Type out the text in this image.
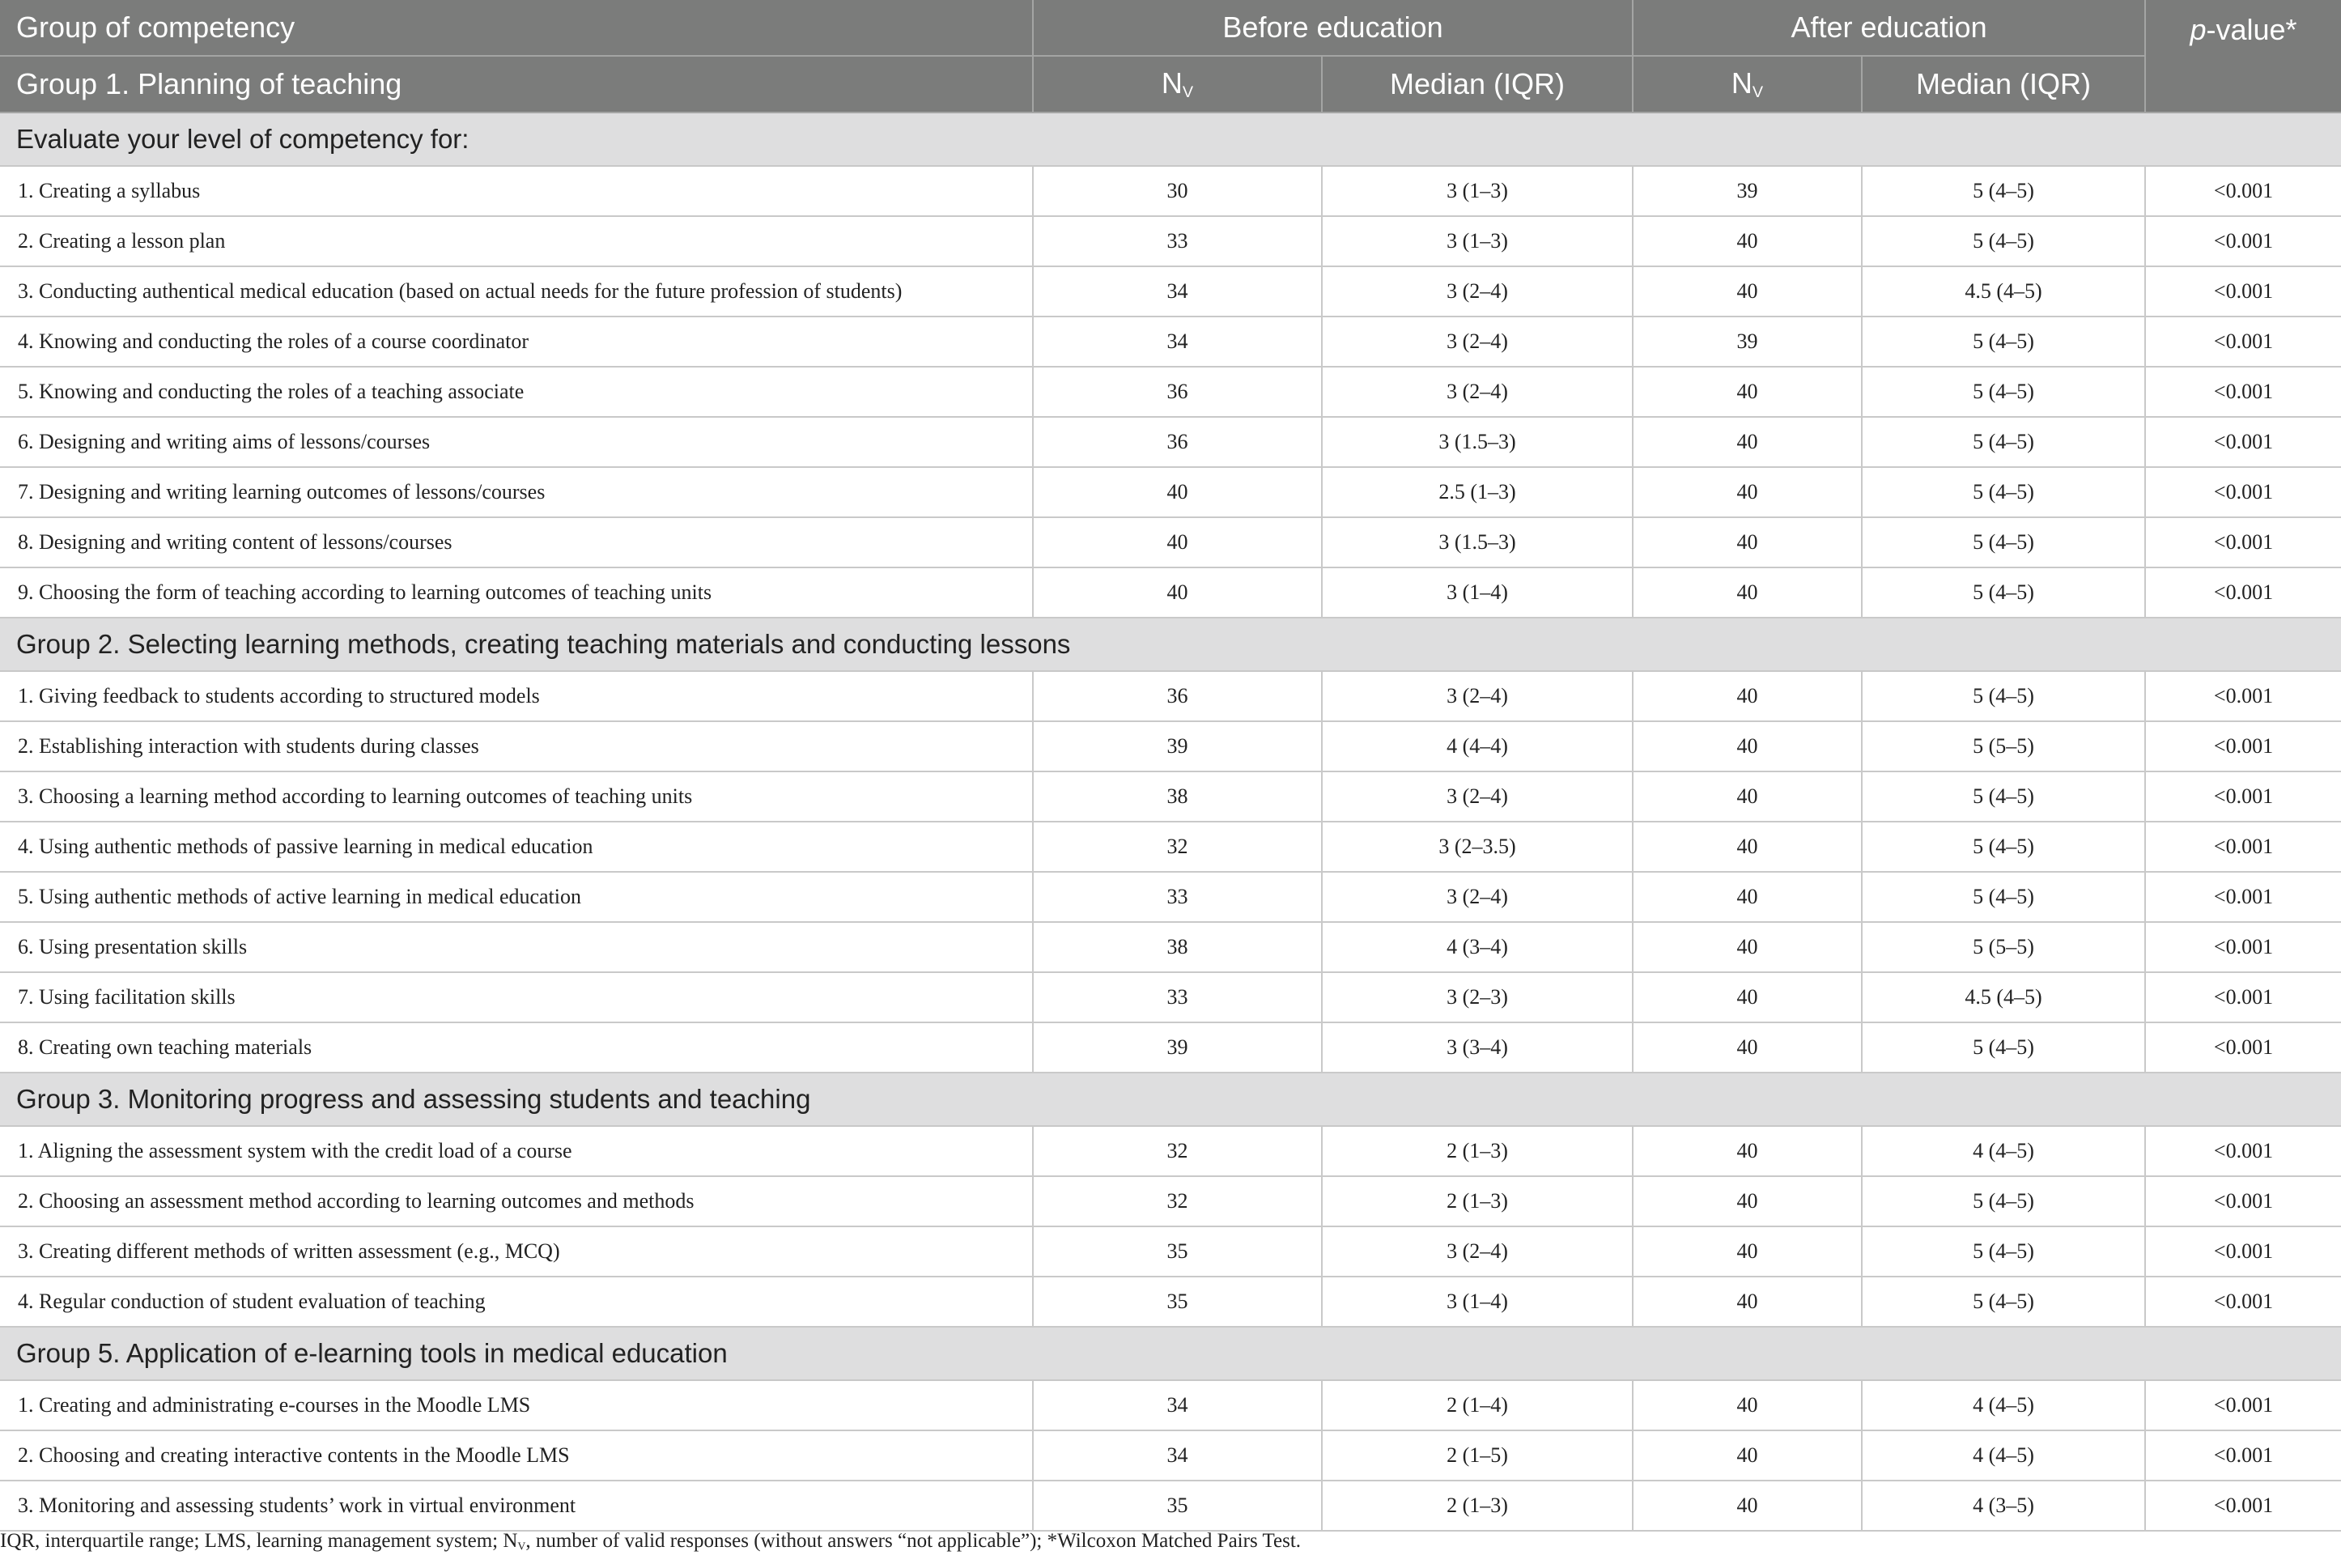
Group of competency	Before education		After education		p-value*
Group 1. Planning of teaching	$N_V$	Median (IQR)	$N_V$	Median (IQR)	
Evaluate your level of competency for:					
1. Creating a syllabus	30	3 (1–3)	39	5 (4–5)	<0.001
2. Creating a lesson plan	33	3 (1–3)	40	5 (4–5)	<0.001
3. Conducting authentical medical education (based on actual needs for the future profession of students)	34	3 (2–4)	40	4.5 (4–5)	<0.001
4. Knowing and conducting the roles of a course coordinator	34	3 (2–4)	39	5 (4–5)	<0.001
5. Knowing and conducting the roles of a teaching associate	36	3 (2–4)	40	5 (4–5)	<0.001
6. Designing and writing aims of lessons/courses	36	3 (1.5–3)	40	5 (4–5)	<0.001
7. Designing and writing learning outcomes of lessons/courses	40	2.5 (1–3)	40	5 (4–5)	<0.001
8. Designing and writing content of lessons/courses	40	3 (1.5–3)	40	5 (4–5)	<0.001
9. Choosing the form of teaching according to learning outcomes of teaching units	40	3 (1–4)	40	5 (4–5)	<0.001
Group 2. Selecting learning methods, creating teaching materials and conducting lessons					
1. Giving feedback to students according to structured models	36	3 (2–4)	40	5 (4–5)	<0.001
2. Establishing interaction with students during classes	39	4 (4–4)	40	5 (5–5)	<0.001
3. Choosing a learning method according to learning outcomes of teaching units	38	3 (2–4)	40	5 (4–5)	<0.001
4. Using authentic methods of passive learning in medical education	32	3 (2–3.5)	40	5 (4–5)	<0.001
5. Using authentic methods of active learning in medical education	33	3 (2–4)	40	5 (4–5)	<0.001
6. Using presentation skills	38	4 (3–4)	40	5 (5–5)	<0.001
7. Using facilitation skills	33	3 (2–3)	40	4.5 (4–5)	<0.001
8. Creating own teaching materials	39	3 (3–4)	40	5 (4–5)	<0.001
Group 3. Monitoring progress and assessing students and teaching					
1. Aligning the assessment system with the credit load of a course	32	2 (1–3)	40	4 (4–5)	<0.001
2. Choosing an assessment method according to learning outcomes and methods	32	2 (1–3)	40	5 (4–5)	<0.001
3. Creating different methods of written assessment (e.g., MCQ)	35	3 (2–4)	40	5 (4–5)	<0.001
4. Regular conduction of student evaluation of teaching	35	3 (1–4)	40	5 (4–5)	<0.001
Group 5. Application of e-learning tools in medical education					
1. Creating and administrating e-courses in the Moodle LMS	34	2 (1–4)	40	4 (4–5)	<0.001
2. Choosing and creating interactive contents in the Moodle LMS	34	2 (1–5)	40	4 (4–5)	<0.001
3. Monitoring and assessing students’ work in virtual environment	35	2 (1–3)	40	4 (3–5)	<0.001
IQR, interquartile range; LMS, learning management system; $N_V$, number of valid responses (without answers “not applicable”); *Wilcoxon Matched Pairs Test.
